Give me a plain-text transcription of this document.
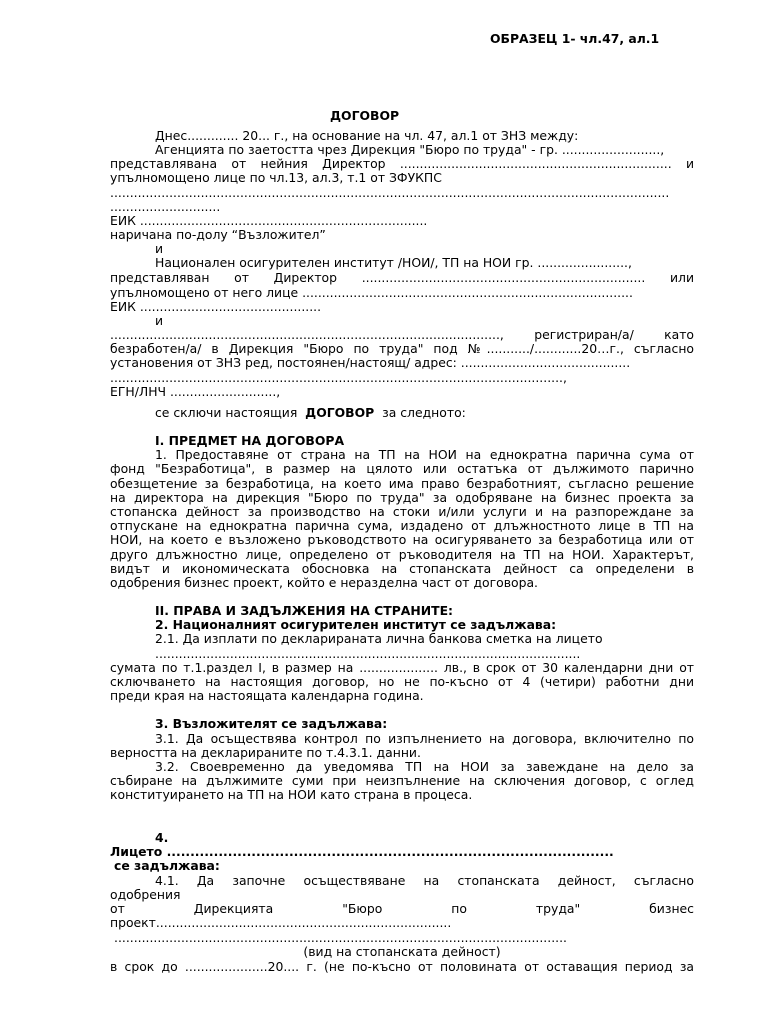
ОБРАЗЕЦ 1- чл.47, ал.1
ДОГОВОР
Днес............. 20... г., на основание на чл. 47, ал.1 от ЗНЗ между:
Агенцията по заетостта чрез Дирекция "Бюро по труда" - гр. .........................,
представлявана от нейния Директор ..................................................................... и
упълномощено лице по чл.13, ал.3, т.1 от ЗФУКПС
..............................................................................................................................................
............................
ЕИК .........................................................................
наричана по-долу “Възложител”
и
Национален осигурителен институт /НОИ/, ТП на НОИ гр. .......................,
представляван от Директор ........................................................................ или
упълномощено от него лице ....................................................................................
ЕИК ..............................................
и
..................................................................................................., регистриран/а/ като
безработен/а/ в Дирекция "Бюро по труда" под №.........../............20…г., съгласно
установения от ЗНЗ ред, постоянен/настоящ/ адрес: ...........................................
...................................................................................................................,
ЕГН/ЛНЧ ...........................,
се сключи настоящия ДОГОВОР за следното:
I. ПРЕДМЕТ НА ДОГОВОРА
1. Предоставяне от страна на ТП на НОИ на еднократна парична сума от
фонд "Безработица", в размер на цялото или остатъка от дължимото парично
обезщетение за безработица, на което има право безработният, съгласно решение
на директора на дирекция "Бюро по труда" за одобряване на бизнес проекта за
стопанска дейност за производство на стоки и/или услуги и на разпореждане за
отпускане на еднократна парична сума, издадено от длъжностното лице в ТП на
НОИ, на което е възложено ръководството на осигуряването за безработица или от
друго длъжностно лице, определено от ръководителя на ТП на НОИ. Характерът,
видът и икономическата обосновка на стопанската дейност са определени в
одобрения бизнес проект, който е неразделна част от договора.
II. ПРАВА И ЗАДЪЛЖЕНИЯ НА СТРАНИТЕ:
2. Националният осигурителен институт се задължава:
2.1. Да изплати по декларираната лична банкова сметка на лицето
............................................................................................................
сумата по т.1.раздел I, в размер на .................... лв., в срок от 30 календарни дни от
сключването на настоящия договор, но не по-късно от 4 (четири) работни дни
преди края на настоящата календарна година.
3. Възложителят се задължава:
3.1. Да осъществява контрол по изпълнението на договора, включително по
верността на декларираните по т.4.3.1. данни.
3.2. Своевременно да уведомява ТП на НОИ за завеждане на дело за
събиране на дължимите суми при неизпълнение на сключения договор, с оглед
конституирането на ТП на НОИ като страна в процеса.
4.
Лицето ...............................................................................................
се задължава:
4.1. Да започне осъществяване на стопанската дейност, съгласно
одобрения
от Дирекцията "Бюро по труда" бизнес
проект...........................................................................
...................................................................................................................
(вид на стопанската дейност)
в срок до .....................20.... г. (не по-късно от половината от оставащия период за
